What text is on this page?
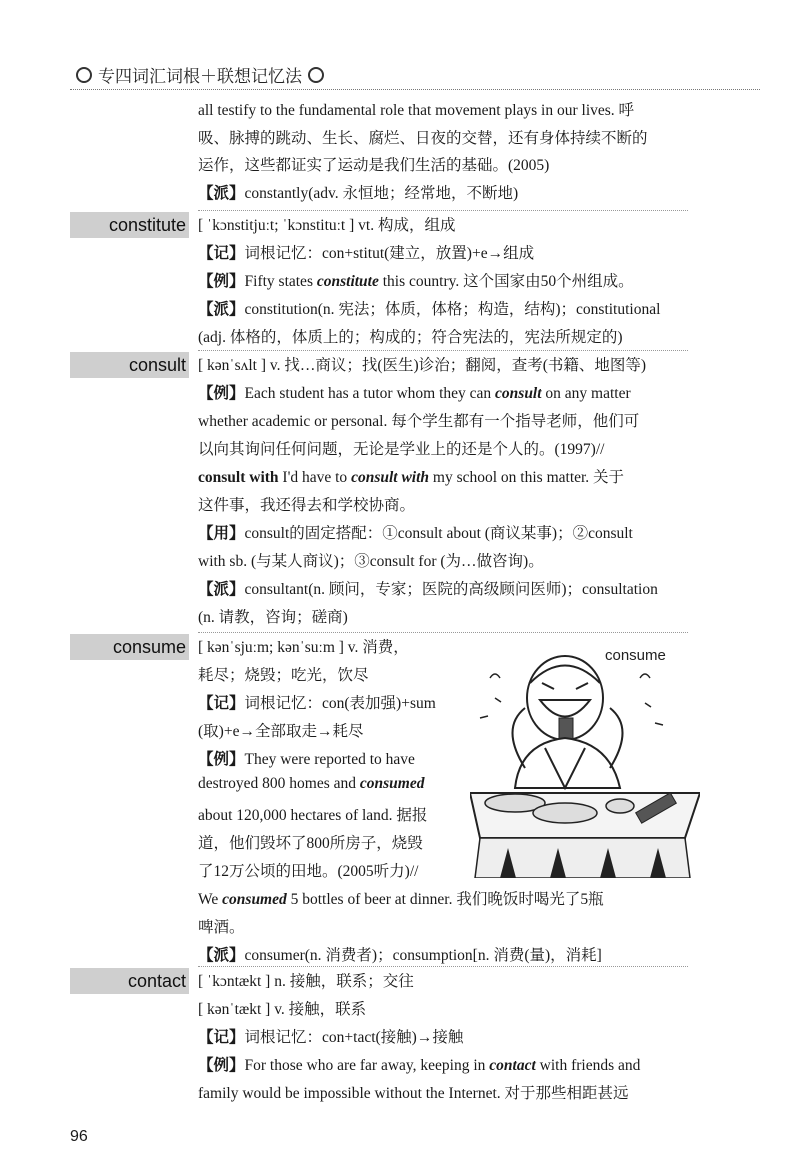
专四词汇词根＋联想记忆法
all testify to the fundamental role that movement plays in our lives. 呼
吸、脉搏的跳动、生长、腐烂、日夜的交替，还有身体持续不断的
运作，这些都证实了运动是我们生活的基础。(2005)
【派】constantly(adv. 永恒地；经常地，不断地)
constitute [ ˈkɔnstitjuːt; ˈkɔnstituːt ] vt. 构成，组成
【记】词根记忆：con+stitut(建立，放置)+e→组成
【例】Fifty states constitute this country. 这个国家由50个州组成。
【派】constitution(n. 宪法；体质，体格；构造，结构)；constitutional
(adj. 体格的，体质上的；构成的；符合宪法的，宪法所规定的)
consult [ kənˈsʌlt ] v. 找…商议；找(医生)诊治；翻阅，查考(书籍、地图等)
【例】Each student has a tutor whom they can consult on any matter
whether academic or personal. 每个学生都有一个指导老师，他们可
以向其询问任何问题，无论是学业上的还是个人的。(1997)//
consult with I'd have to consult with my school on this matter. 关于
这件事，我还得去和学校协商。
【用】consult的固定搭配：①consult about (商议某事)；②consult
with sb. (与某人商议)；③consult for (为…做咨询)。
【派】consultant(n. 顾问，专家；医院的高级顾问医师)；consultation
(n. 请教，咨询；磋商)
consume [ kənˈsjuːm; kənˈsuːm ] v. 消费，
耗尽；烧毁；吃光，饮尽
【记】词根记忆：con(表加强)+sum
(取)+e→全部取走→耗尽
【例】They were reported to have
destroyed 800 homes and consumed
about 120,000 hectares of land. 据报
道，他们毁坏了800所房子，烧毁
了12万公顷的田地。(2005听力)//
We consumed 5 bottles of beer at dinner. 我们晚饭时喝光了5瓶
啤酒。
【派】consumer(n. 消费者)；consumption[n. 消费(量)，消耗]
consume
contact [ ˈkɔntækt ] n. 接触，联系；交往
[ kənˈtækt ] v. 接触，联系
【记】词根记忆：con+tact(接触)→接触
【例】For those who are far away, keeping in contact with friends and
family would be impossible without the Internet. 对于那些相距甚远
96
